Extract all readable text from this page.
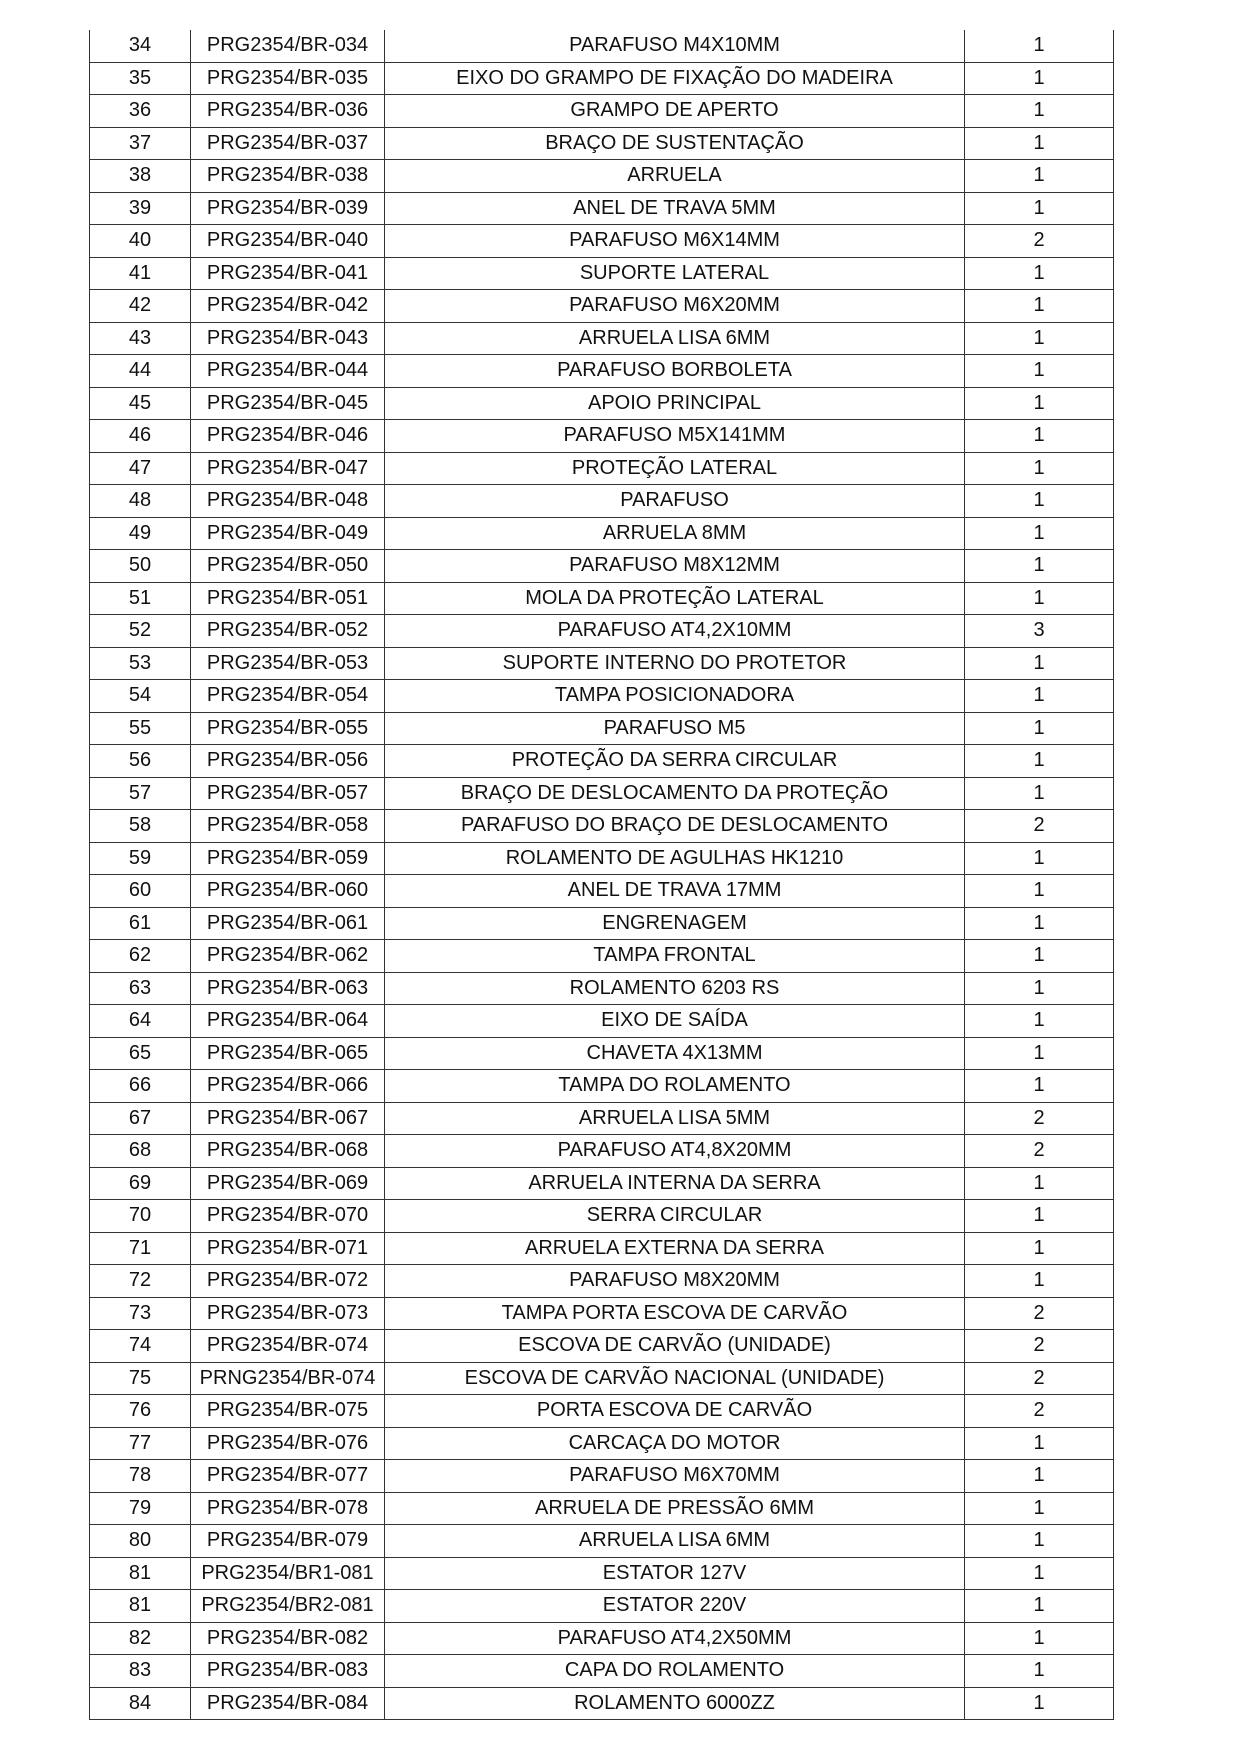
34	PRG2354/BR-034	PARAFUSO M4X10MM	1
35	PRG2354/BR-035	EIXO DO GRAMPO DE FIXAÇÃO DO MADEIRA	1
36	PRG2354/BR-036	GRAMPO DE APERTO	1
37	PRG2354/BR-037	BRAÇO DE SUSTENTAÇÃO	1
38	PRG2354/BR-038	ARRUELA	1
39	PRG2354/BR-039	ANEL DE TRAVA 5MM	1
40	PRG2354/BR-040	PARAFUSO M6X14MM	2
41	PRG2354/BR-041	SUPORTE LATERAL	1
42	PRG2354/BR-042	PARAFUSO M6X20MM	1
43	PRG2354/BR-043	ARRUELA LISA 6MM	1
44	PRG2354/BR-044	PARAFUSO BORBOLETA	1
45	PRG2354/BR-045	APOIO PRINCIPAL	1
46	PRG2354/BR-046	PARAFUSO M5X141MM	1
47	PRG2354/BR-047	PROTEÇÃO LATERAL	1
48	PRG2354/BR-048	PARAFUSO	1
49	PRG2354/BR-049	ARRUELA 8MM	1
50	PRG2354/BR-050	PARAFUSO M8X12MM	1
51	PRG2354/BR-051	MOLA DA PROTEÇÃO LATERAL	1
52	PRG2354/BR-052	PARAFUSO AT4,2X10MM	3
53	PRG2354/BR-053	SUPORTE INTERNO DO PROTETOR	1
54	PRG2354/BR-054	TAMPA POSICIONADORA	1
55	PRG2354/BR-055	PARAFUSO M5	1
56	PRG2354/BR-056	PROTEÇÃO DA SERRA CIRCULAR	1
57	PRG2354/BR-057	BRAÇO DE DESLOCAMENTO DA PROTEÇÃO	1
58	PRG2354/BR-058	PARAFUSO DO BRAÇO DE DESLOCAMENTO	2
59	PRG2354/BR-059	ROLAMENTO DE AGULHAS HK1210	1
60	PRG2354/BR-060	ANEL DE TRAVA 17MM	1
61	PRG2354/BR-061	ENGRENAGEM	1
62	PRG2354/BR-062	TAMPA FRONTAL	1
63	PRG2354/BR-063	ROLAMENTO 6203 RS	1
64	PRG2354/BR-064	EIXO DE SAÍDA	1
65	PRG2354/BR-065	CHAVETA 4X13MM	1
66	PRG2354/BR-066	TAMPA DO ROLAMENTO	1
67	PRG2354/BR-067	ARRUELA LISA 5MM	2
68	PRG2354/BR-068	PARAFUSO AT4,8X20MM	2
69	PRG2354/BR-069	ARRUELA INTERNA DA SERRA	1
70	PRG2354/BR-070	SERRA CIRCULAR	1
71	PRG2354/BR-071	ARRUELA EXTERNA DA SERRA	1
72	PRG2354/BR-072	PARAFUSO M8X20MM	1
73	PRG2354/BR-073	TAMPA PORTA ESCOVA DE CARVÃO	2
74	PRG2354/BR-074	ESCOVA DE CARVÃO (UNIDADE)	2
75	PRNG2354/BR-074	ESCOVA DE CARVÃO NACIONAL (UNIDADE)	2
76	PRG2354/BR-075	PORTA ESCOVA DE CARVÃO	2
77	PRG2354/BR-076	CARCAÇA DO MOTOR	1
78	PRG2354/BR-077	PARAFUSO M6X70MM	1
79	PRG2354/BR-078	ARRUELA DE PRESSÃO 6MM	1
80	PRG2354/BR-079	ARRUELA LISA 6MM	1
81	PRG2354/BR1-081	ESTATOR 127V	1
81	PRG2354/BR2-081	ESTATOR 220V	1
82	PRG2354/BR-082	PARAFUSO AT4,2X50MM	1
83	PRG2354/BR-083	CAPA DO ROLAMENTO	1
84	PRG2354/BR-084	ROLAMENTO 6000ZZ	1
